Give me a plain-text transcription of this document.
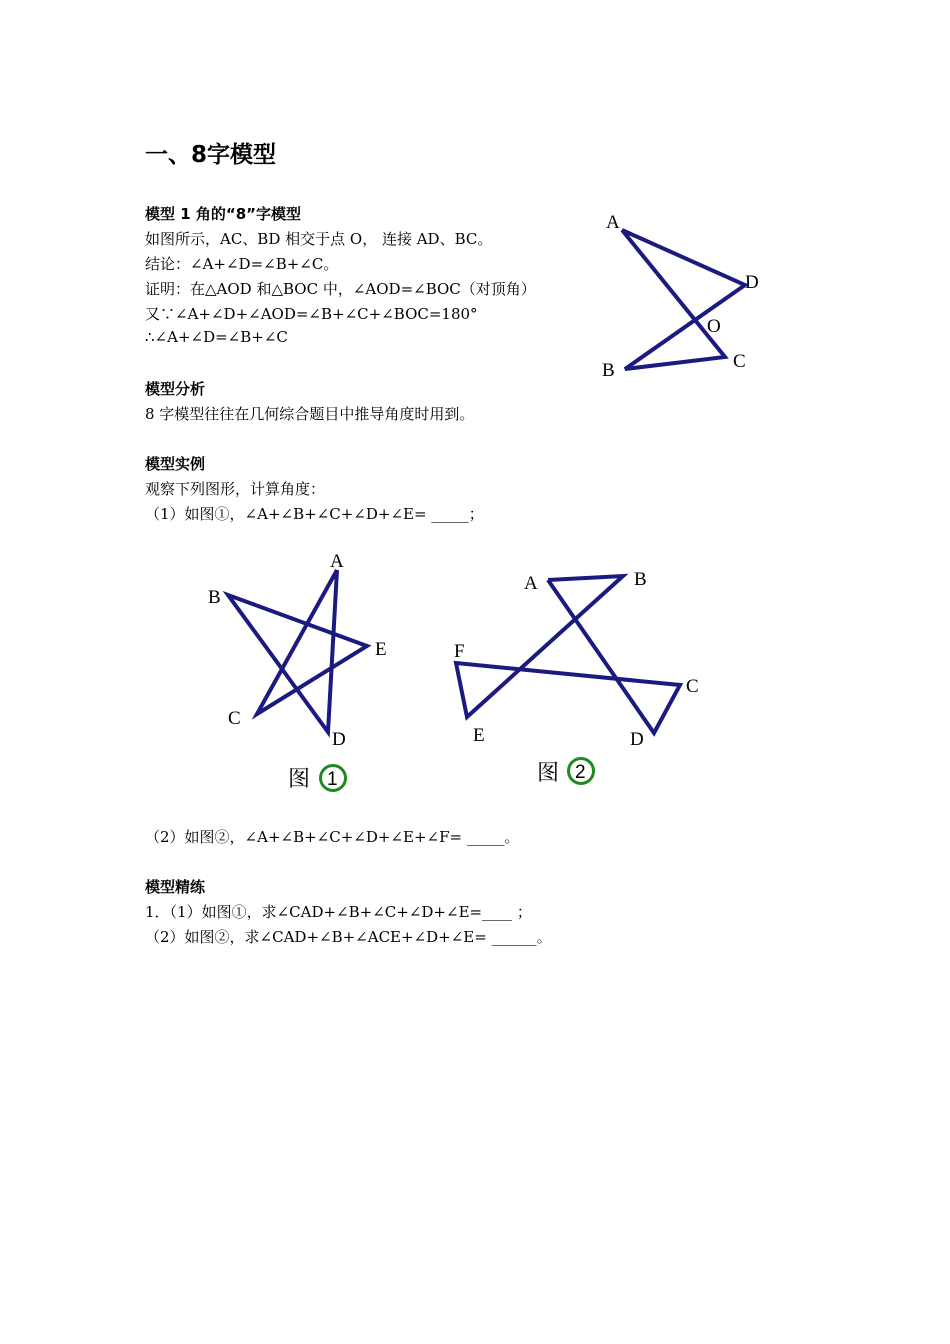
一、8字模型
模型 1 角的“8”字模型
如图所示，AC、BD 相交于点 O， 连接 AD、BC。
结论：∠A+∠D=∠B+∠C。
证明：在△AOD 和△BOC 中，∠AOD=∠BOC（对顶角）
又∵∠A+∠D+∠AOD=∠B+∠C+∠BOC=180°
∴∠A+∠D=∠B+∠C
A
D
O
C
B
模型分析
8 字模型往往在几何综合题目中推导角度时用到。
模型实例
观察下列图形，计算角度：
（1）如图①，∠A+∠B+∠C+∠D+∠E= _____；
A
B
E
C
D
图 1
A	B
F
C
E	D
图 2
（2）如图②，∠A+∠B+∠C+∠D+∠E+∠F= _____。
模型精练
1．（1）如图①，求∠CAD+∠B+∠C+∠D+∠E=____ ；
（2）如图②，求∠CAD+∠B+∠ACE+∠D+∠E= ______。
